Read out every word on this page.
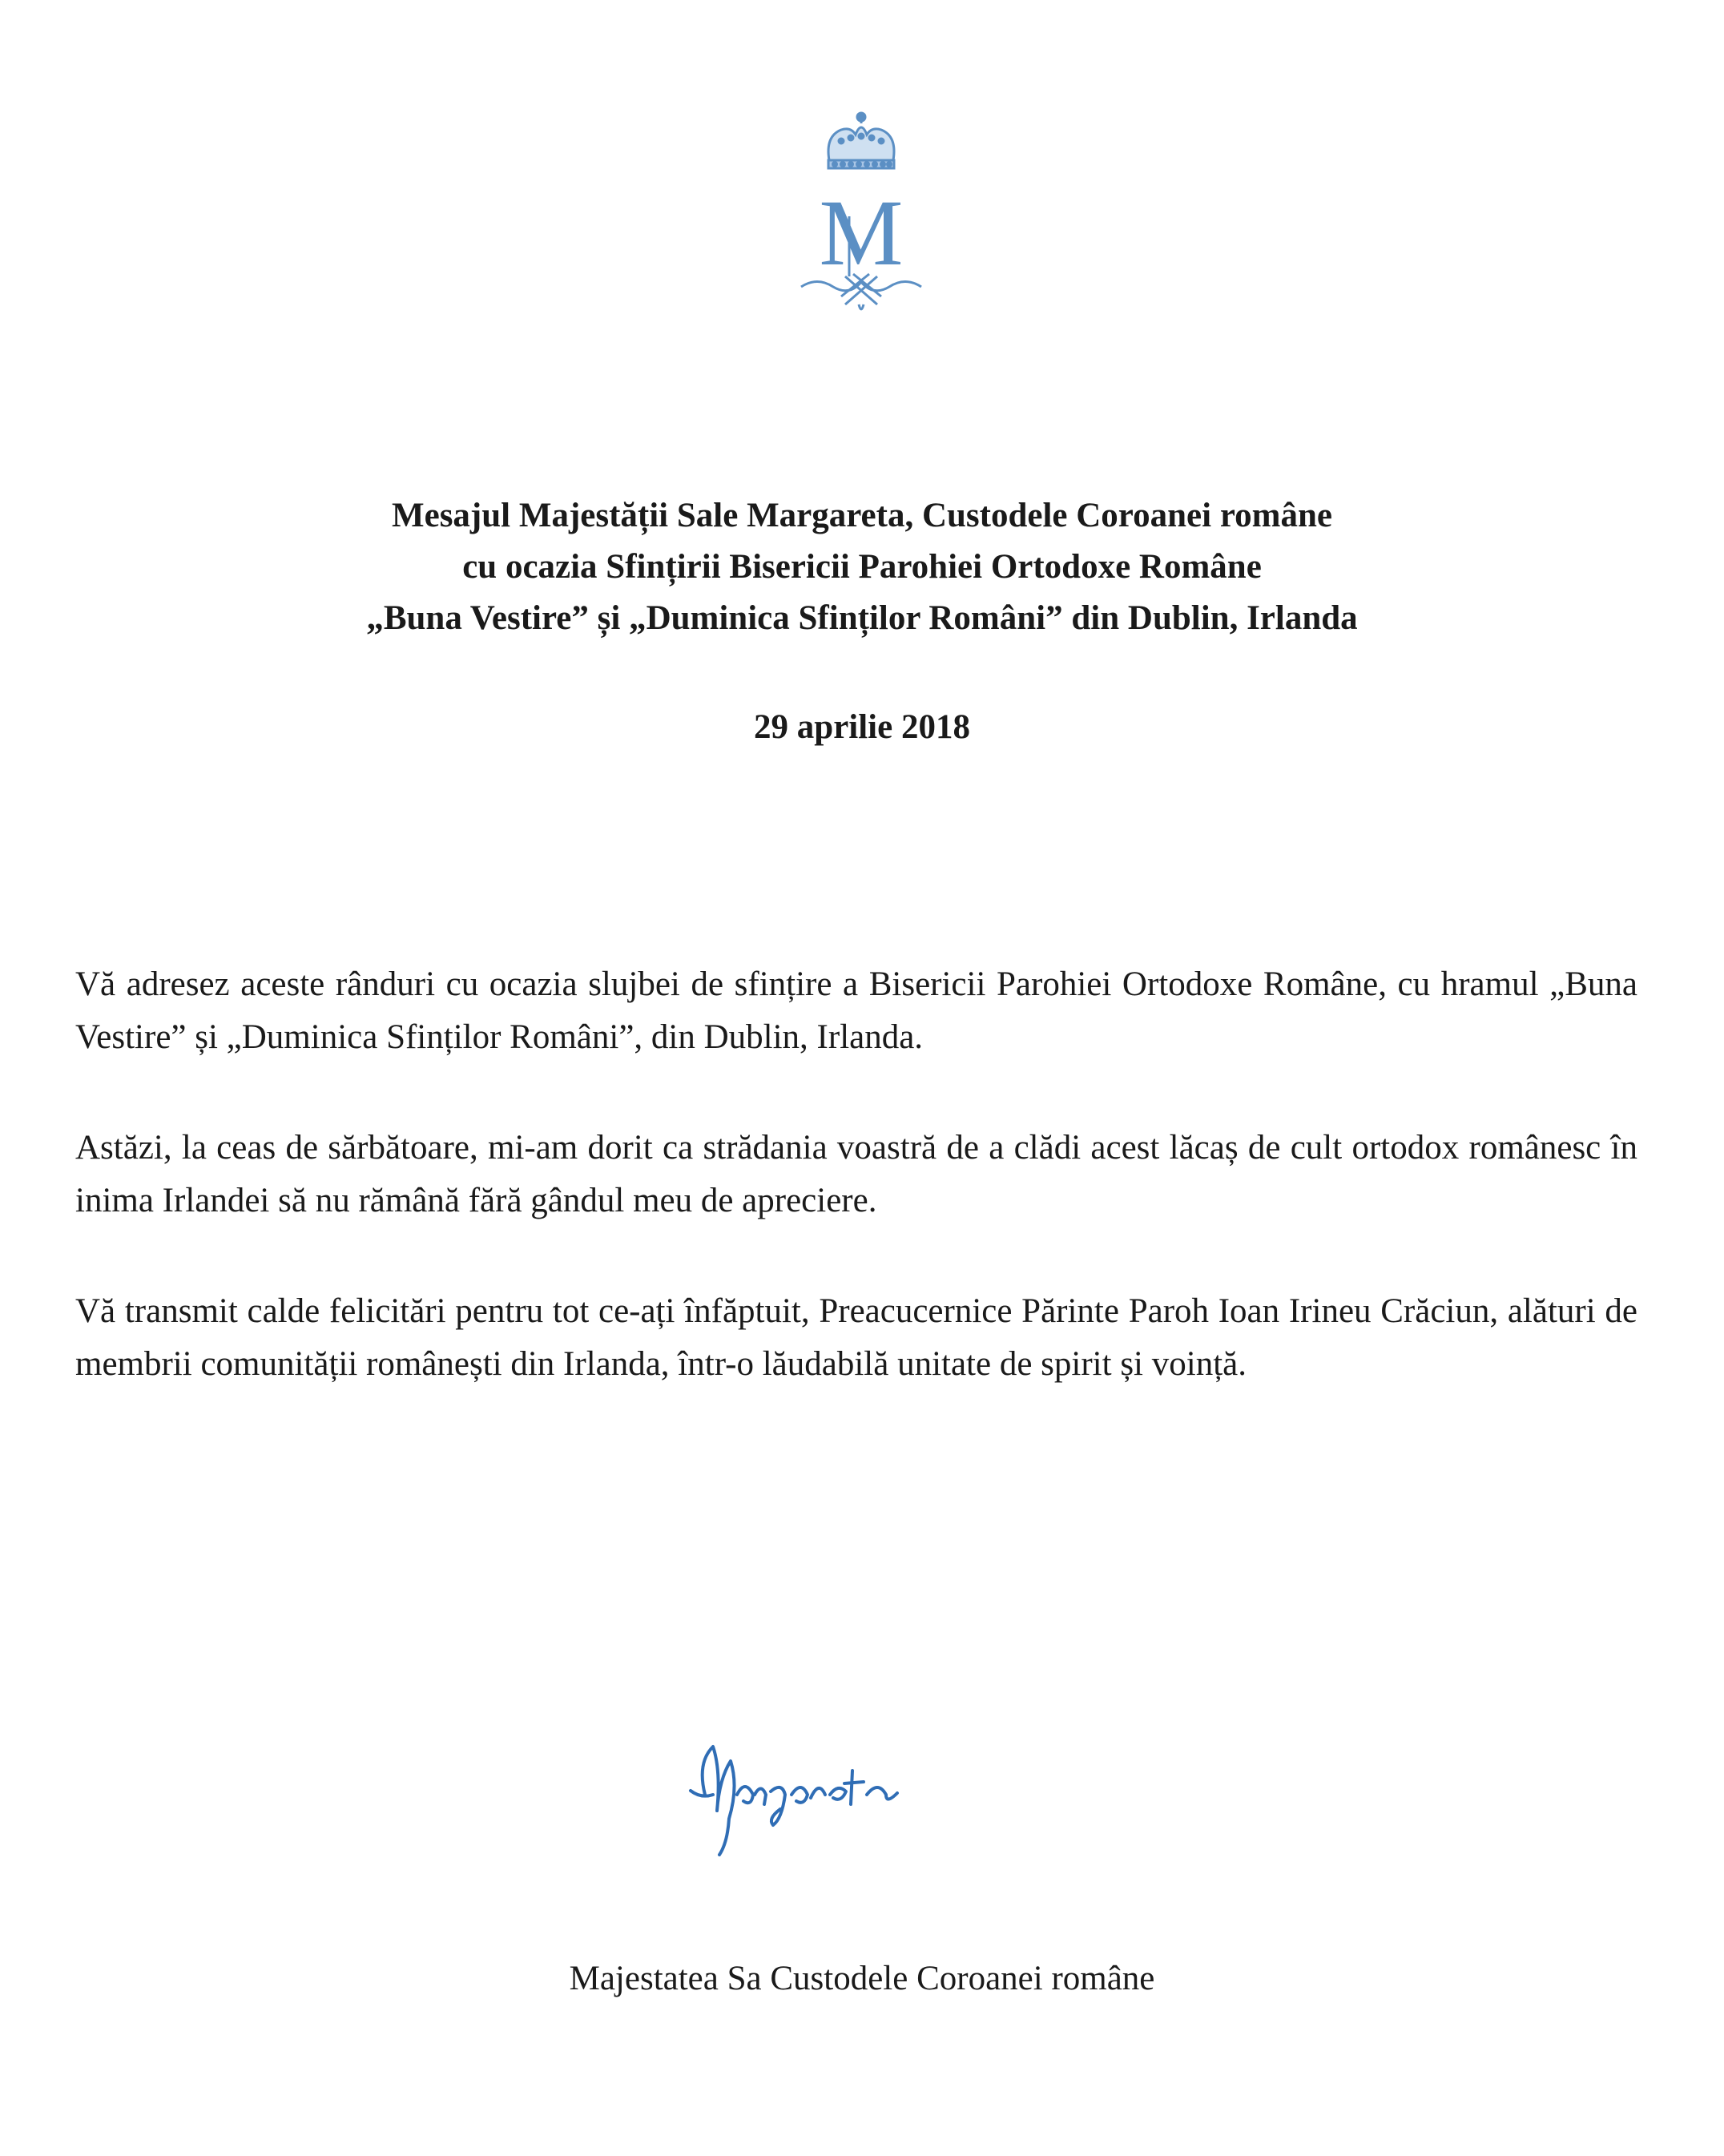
M
Mesajul Majestății Sale Margareta, Custodele Coroanei române
cu ocazia Sfințirii Bisericii Parohiei Ortodoxe Române
„Buna Vestire” și „Duminica Sfinților Români” din Dublin, Irlanda
29 aprilie 2018

Vă adresez aceste rânduri cu ocazia slujbei de sfințire a Bisericii Parohiei Ortodoxe Române, cu hramul „Buna Vestire” și „Duminica Sfinților Români”, din Dublin, Irlanda.

Astăzi, la ceas de sărbătoare, mi-am dorit ca strădania voastră de a clădi acest lăcaș de cult ortodox românesc în inima Irlandei să nu rămână fără gândul meu de apreciere.

Vă transmit calde felicitări pentru tot ce-ați înfăptuit, Preacucernice Părinte Paroh Ioan Irineu Crăciun, alături de membrii comunității românești din Irlanda, într-o lăudabilă unitate de spirit și voință.

Majestatea Sa Custodele Coroanei române
